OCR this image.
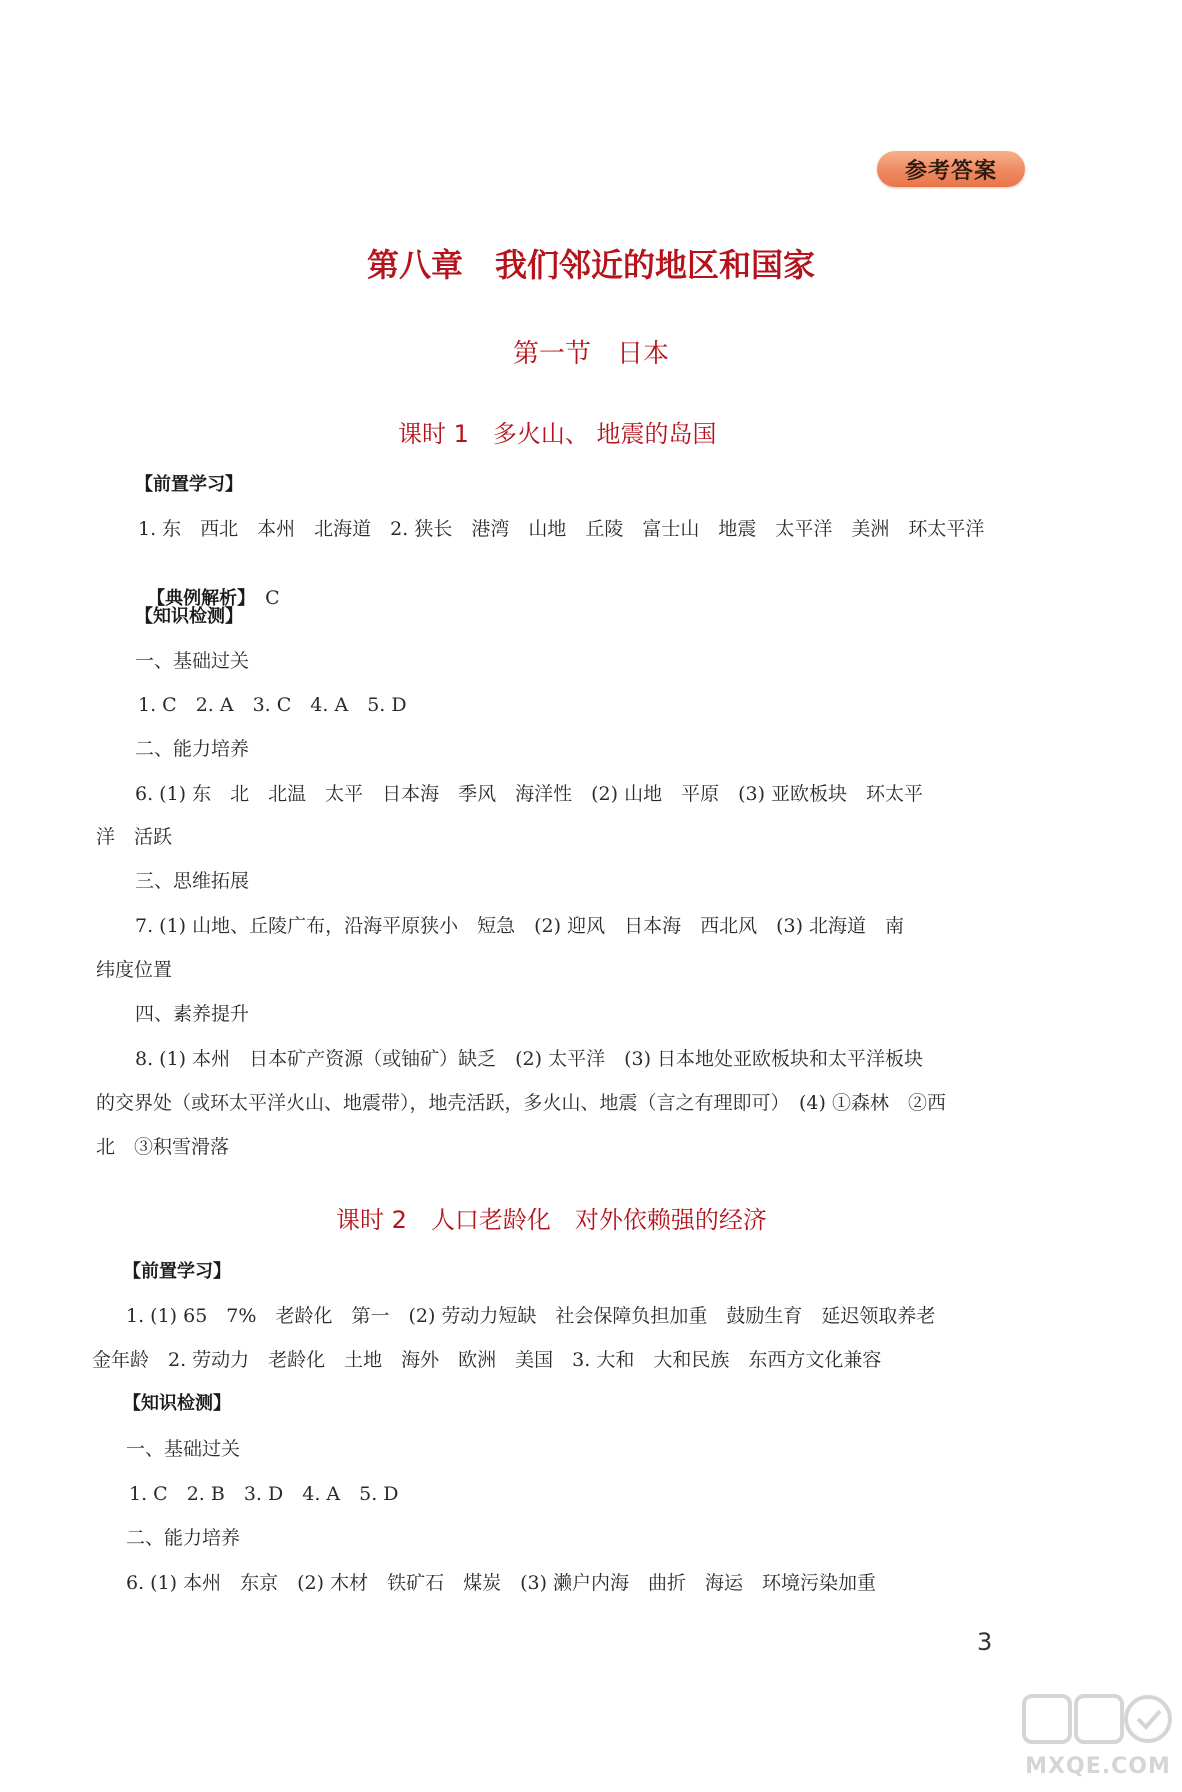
参考答案
第八章　我们邻近的地区和国家
第一节　日本
课时 1　多火山、 地震的岛国
【前置学习】
1. 东　西北　本州　北海道　2. 狭长　港湾　山地　丘陵　富士山　地震　太平洋　美洲　环太平洋

【典例解析】　 C

【知识检测】
一、基础过关
1. C　2. A　3. C　4. A　5. D
二、能力培养
6. (1) 东　北　北温　太平　日本海　季风　海洋性　(2) 山地　平原　(3) 亚欧板块　环太平
洋　活跃
三、思维拓展
7. (1) 山地、丘陵广布，沿海平原狭小　短急　(2) 迎风　日本海　西北风　(3) 北海道　南
纬度位置
四、素养提升
8. (1) 本州　日本矿产资源（或铀矿）缺乏　(2) 太平洋　(3) 日本地处亚欧板块和太平洋板块
的交界处（或环太平洋火山、地震带），地壳活跃，多火山、地震（言之有理即可）　(4) ①森林　②西
北　③积雪滑落
课时 2　人口老龄化　对外依赖强的经济
【前置学习】
1. (1) 65　7%　老龄化　第一　(2) 劳动力短缺　社会保障负担加重　鼓励生育　延迟领取养老
金年龄　2. 劳动力　老龄化　土地　海外　欧洲　美国　3. 大和　大和民族　东西方文化兼容
【知识检测】
一、基础过关
1. C　2. B　3. D　4. A　5. D
二、能力培养
6. (1) 本州　东京　(2) 木材　铁矿石　煤炭　(3) 濑户内海　曲折　海运　环境污染加重
3
MXQE.COM
